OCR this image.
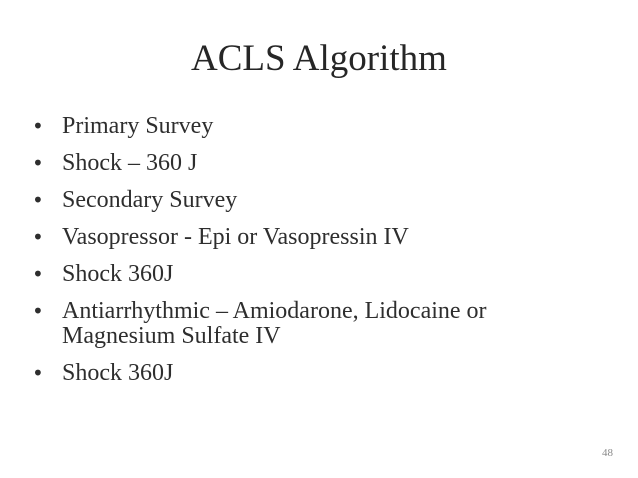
ACLS Algorithm
• Primary Survey
• Shock – 360 J
• Secondary Survey
• Vasopressor - Epi or Vasopressin IV
• Shock 360J
• Antiarrhythmic – Amiodarone, Lidocaine or Magnesium Sulfate IV
• Shock 360J
48
